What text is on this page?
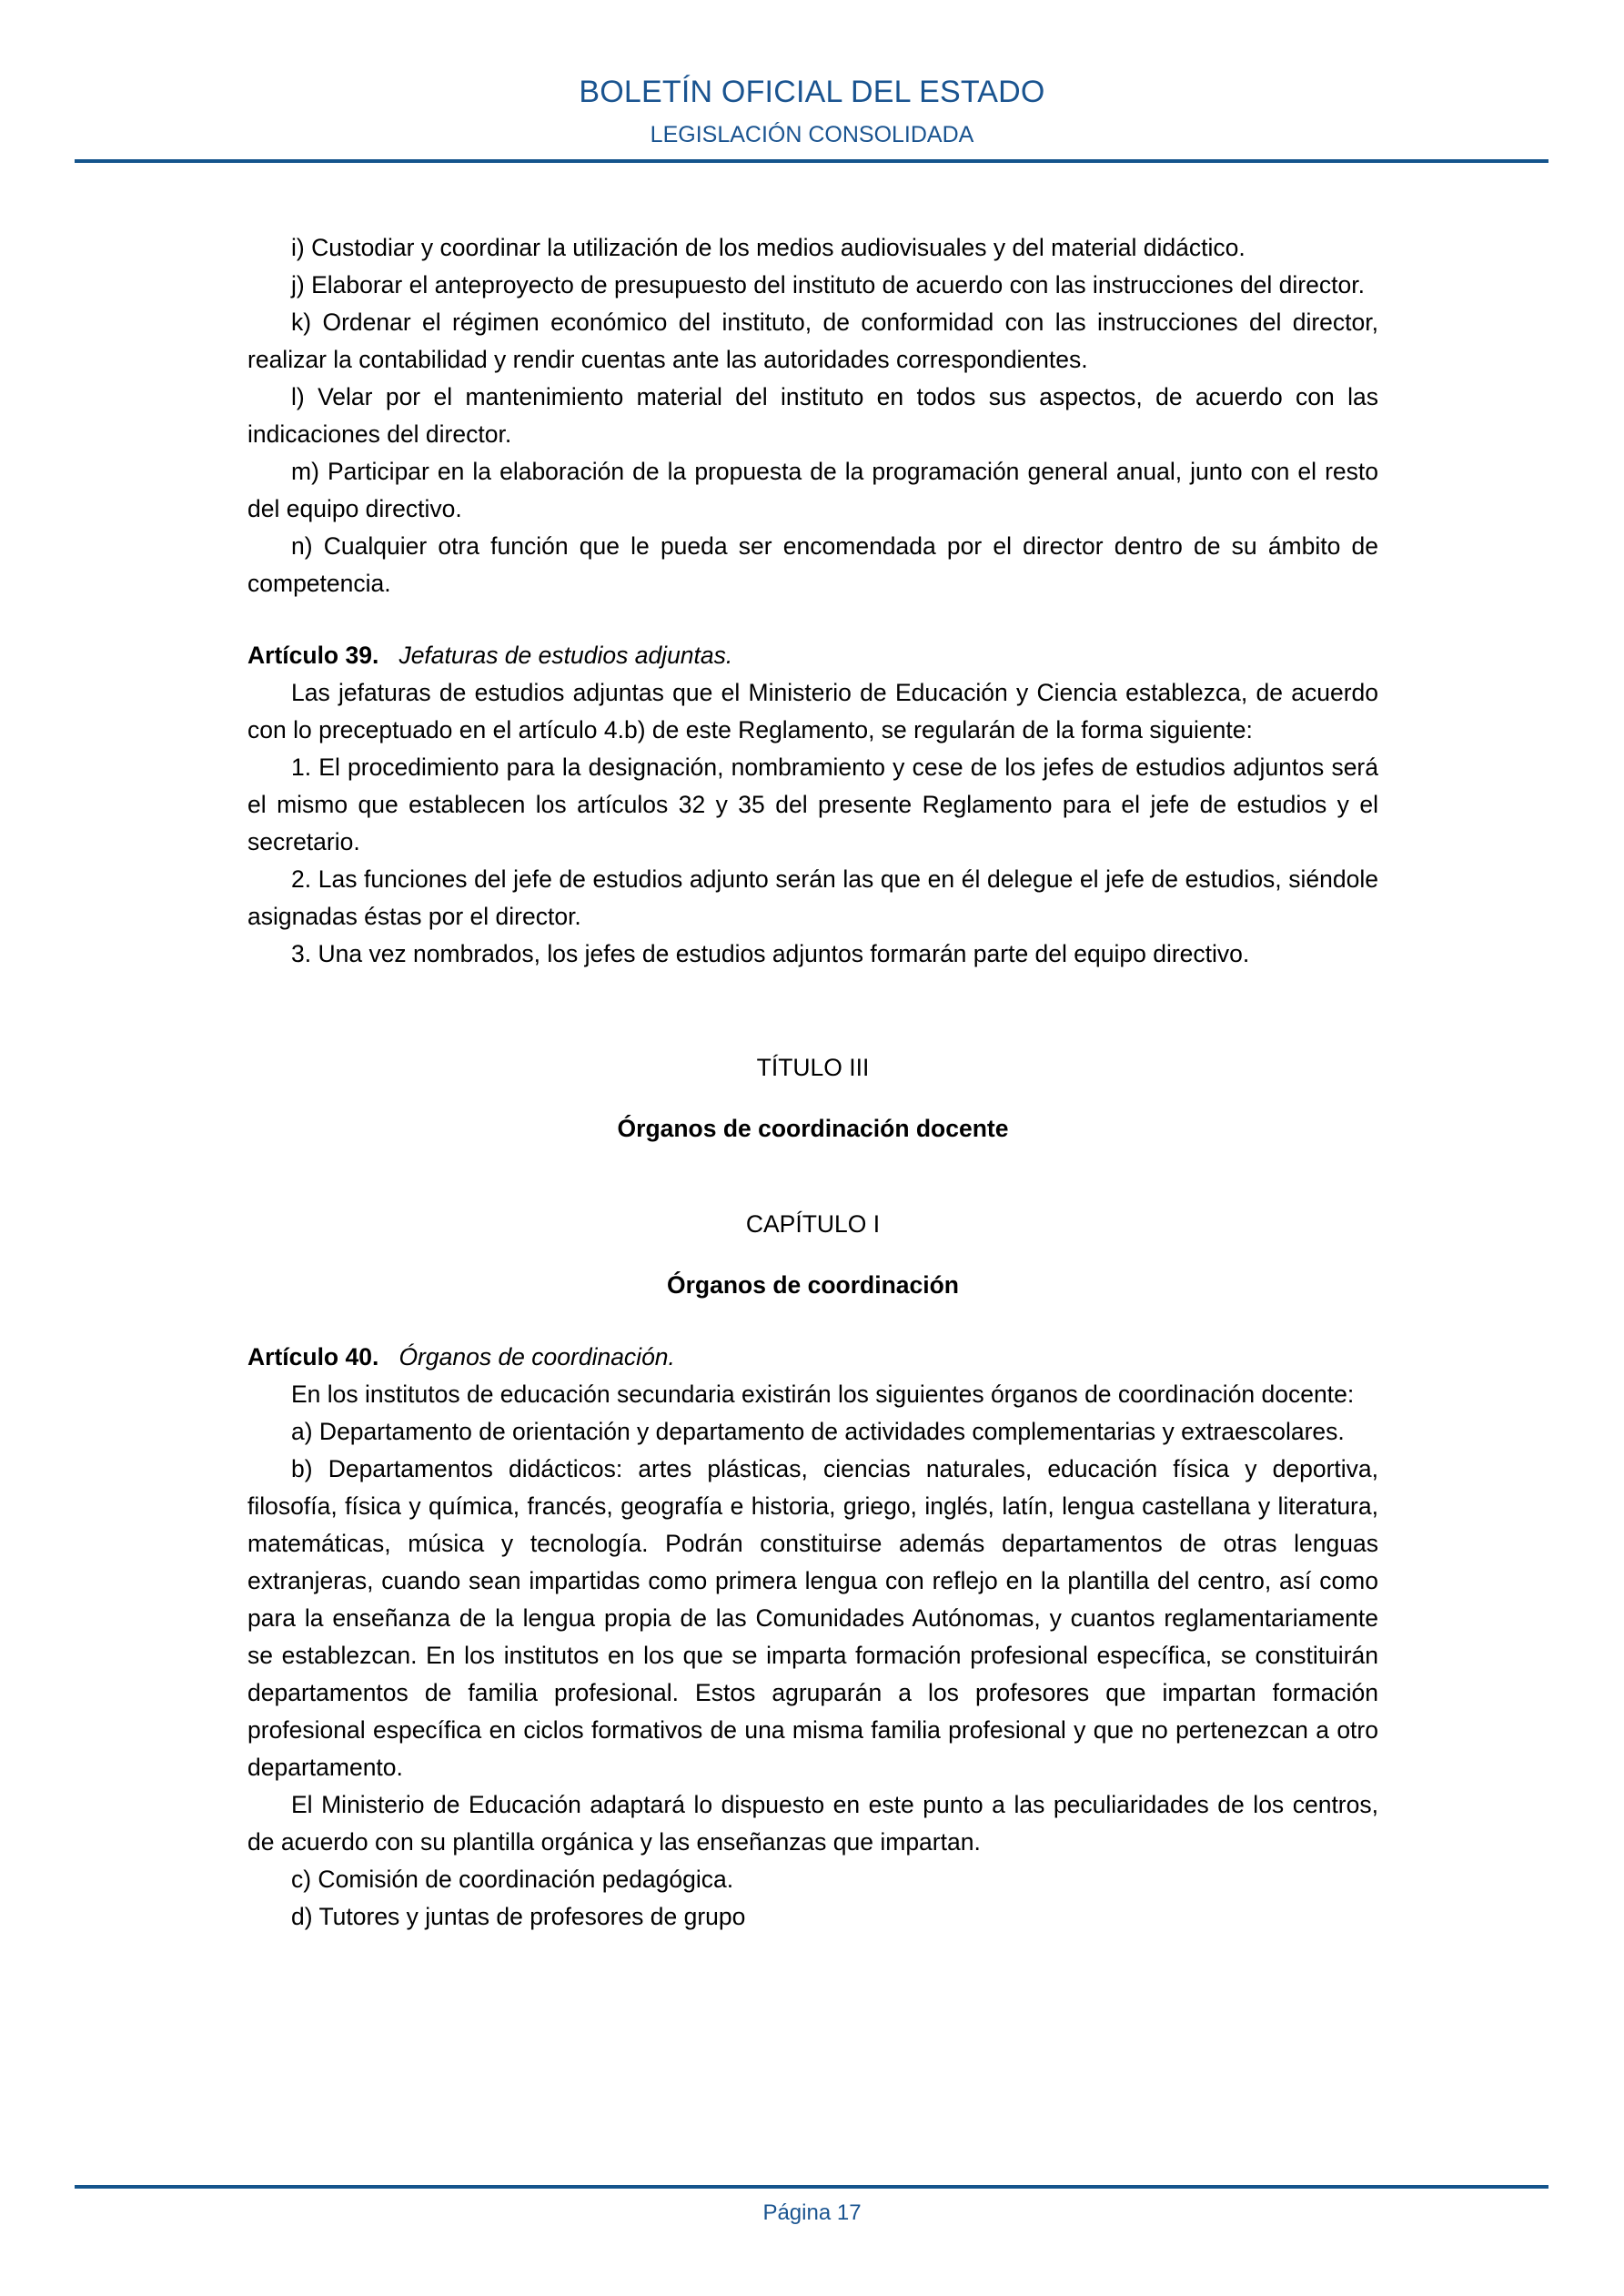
BOLETÍN OFICIAL DEL ESTADO
LEGISLACIÓN CONSOLIDADA

i) Custodiar y coordinar la utilización de los medios audiovisuales y del material didáctico.

j) Elaborar el anteproyecto de presupuesto del instituto de acuerdo con las instrucciones del director.

k) Ordenar el régimen económico del instituto, de conformidad con las instrucciones del director, realizar la contabilidad y rendir cuentas ante las autoridades correspondientes.

l) Velar por el mantenimiento material del instituto en todos sus aspectos, de acuerdo con las indicaciones del director.

m) Participar en la elaboración de la propuesta de la programación general anual, junto con el resto del equipo directivo.

n) Cualquier otra función que le pueda ser encomendada por el director dentro de su ámbito de competencia.

Artículo 39. Jefaturas de estudios adjuntas.

Las jefaturas de estudios adjuntas que el Ministerio de Educación y Ciencia establezca, de acuerdo con lo preceptuado en el artículo 4.b) de este Reglamento, se regularán de la forma siguiente:

1. El procedimiento para la designación, nombramiento y cese de los jefes de estudios adjuntos será el mismo que establecen los artículos 32 y 35 del presente Reglamento para el jefe de estudios y el secretario.

2. Las funciones del jefe de estudios adjunto serán las que en él delegue el jefe de estudios, siéndole asignadas éstas por el director.

3. Una vez nombrados, los jefes de estudios adjuntos formarán parte del equipo directivo.

TÍTULO III

Órganos de coordinación docente

CAPÍTULO I

Órganos de coordinación

Artículo 40. Órganos de coordinación.

En los institutos de educación secundaria existirán los siguientes órganos de coordinación docente:

a) Departamento de orientación y departamento de actividades complementarias y extraescolares.

b) Departamentos didácticos: artes plásticas, ciencias naturales, educación física y deportiva, filosofía, física y química, francés, geografía e historia, griego, inglés, latín, lengua castellana y literatura, matemáticas, música y tecnología. Podrán constituirse además departamentos de otras lenguas extranjeras, cuando sean impartidas como primera lengua con reflejo en la plantilla del centro, así como para la enseñanza de la lengua propia de las Comunidades Autónomas, y cuantos reglamentariamente se establezcan. En los institutos en los que se imparta formación profesional específica, se constituirán departamentos de familia profesional. Estos agruparán a los profesores que impartan formación profesional específica en ciclos formativos de una misma familia profesional y que no pertenezcan a otro departamento.

El Ministerio de Educación adaptará lo dispuesto en este punto a las peculiaridades de los centros, de acuerdo con su plantilla orgánica y las enseñanzas que impartan.

c) Comisión de coordinación pedagógica.

d) Tutores y juntas de profesores de grupo

Página 17
